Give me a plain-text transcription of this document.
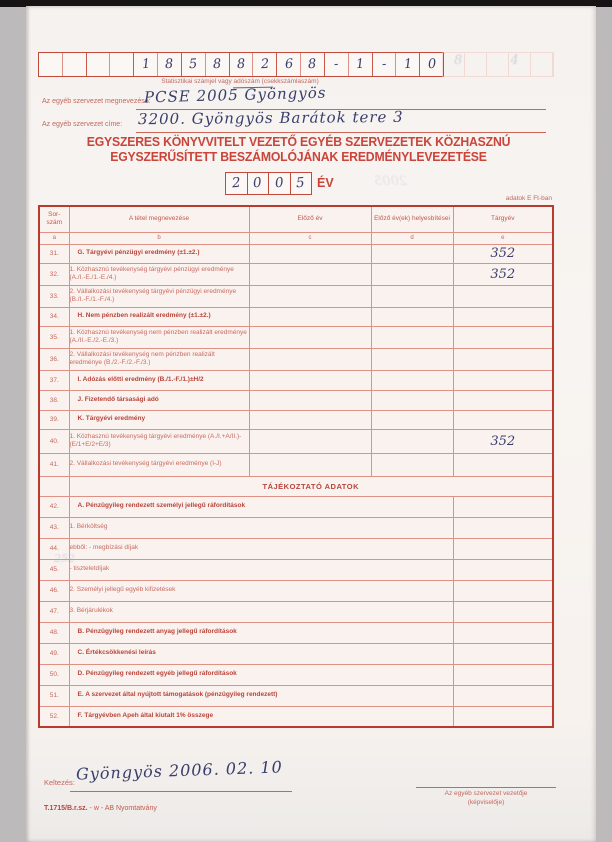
1 8 5 8 8 2 6 8 - 1 - 1 0
Statisztikai számjel vagy adószám (csekkszámlaszám)
Az egyéb szervezet megnevezése:
PCSE 2005 Gyöngyös
Az egyéb szervezet címe: 3200. Gyöngyös Barátok tere 3
EGYSZERES KÖNYVVITELT VEZETŐ EGYÉB SZERVEZETEK KÖZHASZNÚ
EGYSZERŰSÍTETT BESZÁMOLÓJÁNAK EREDMÉNYLEVEZETÉSE
2 0 0 5 ÉV
adatok E Ft-ban
Sor-
szám	A tétel megnevezése	Előző év	Előző év(ek) helyesbítései	Tárgyév
a	b	c	d	e
31.	G. Tárgyévi pénzügyi eredmény (±1.±2.)			352
32.	1. Közhasznú tevékenység tárgyévi pénzügyi eredménye (A./I.-E./1.-E./4.)			352
33.	2. Vállalkozási tevékenység tárgyévi pénzügyi eredménye (B./I.-F./1.-F./4.)			
34.	H. Nem pénzben realizált eredmény (±1.±2.)			
35.	1. Közhasznú tevékenység nem pénzben realizált eredménye (A./II.-E./2.-E./3.)			
36.	2. Vállalkozási tevékenység nem pénzben realizált eredménye (B./2.-F./2.-F./3.)			
37.	I. Adózás előtti eredmény (B./1.-F./1.)±H/2			
38.	J. Fizetendő társasági adó			
39.	K. Tárgyévi eredmény			
40.	1. Közhasznú tevékenység tárgyévi eredménye (A./I.+A/II.)-(E/1+E/2+E/3)			352
41.	2. Vállalkozási tevékenység tárgyévi eredménye (I-J)			
	TÁJÉKOZTATÓ ADATOK			
42.	A. Pénzügyileg rendezett személyi jellegű ráfordítások			
43.	1. Bérköltség			
44.	ebből: - megbízási díjak			
45.	- tiszteletdíjak			
46.	2. Személyi jellegű egyéb kifizetések			
47.	3. Bérjárulékok			
48.	B. Pénzügyileg rendezett anyag jellegű ráfordítások			
49.	C. Értékcsökkenési leírás			
50.	D. Pénzügyileg rendezett egyéb jellegű ráfordítások			
51.	E. A szervezet által nyújtott támogatások (pénzügyileg rendezett)			
52.	F. Tárgyévben Apeh által kiutalt 1% összege			
Keltezés: Gyöngyös 2006. 02. 10
Az egyéb szervezet vezetője
(képviselője)
T.1715/B.r.sz. - w - AB Nyomtatvány
8 4
252
2005
